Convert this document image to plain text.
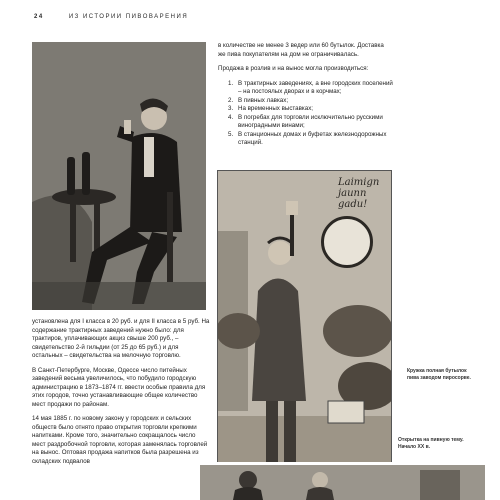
24	ИЗ ИСТОРИИ ПИВОВАРЕНИЯ

в количестве не менее 3 ведер или 60 бутылок. Доставка же пива покупателям на дом не ограничивалась.

Продажа в розлив и на вынос могла производиться:

1. В трактирных заведениях, а вне городских поселений – на постоялых дворах и в корчмах;
2. В пивных лавках;
3. На временных выставках;
4. В погребах для торговли исключительно русскими виноградными винами;
5. В станционных домах и буфетах железнодорожных станций.
Laimign jaunn gadu!

установлена для I класса в 20 руб. и для II класса в 5 руб. На содержание трактирных заведений нужно было: для трактиров, уплачивающих акциз свыше 200 руб., – свидетельство 2-й гильдии (от 25 до 65 руб.) и для остальных – свидетельства на мелочную торговлю.

В Санкт-Петербурге, Москве, Одессе число питейных заведений весьма увеличилось, что побудило городскую администрацию в 1873–1874 гг. ввести особые правила для этих городов, точно устанавливающие общее количество мест продажи по районам.

14 мая 1885 г. по новому закону у городских и сельских обществ было отнято право открытия торговли крепкими напитками. Кроме того, значительно сокращалось число мест раздробочной торговли, которая заменялась торговлей на вынос. Оптовая продажа напитков была разрешена из складских подвалов

Кружка полная бутылок пива заводом пиросорве.
Открытка на пивную тему. Начало XX в.
